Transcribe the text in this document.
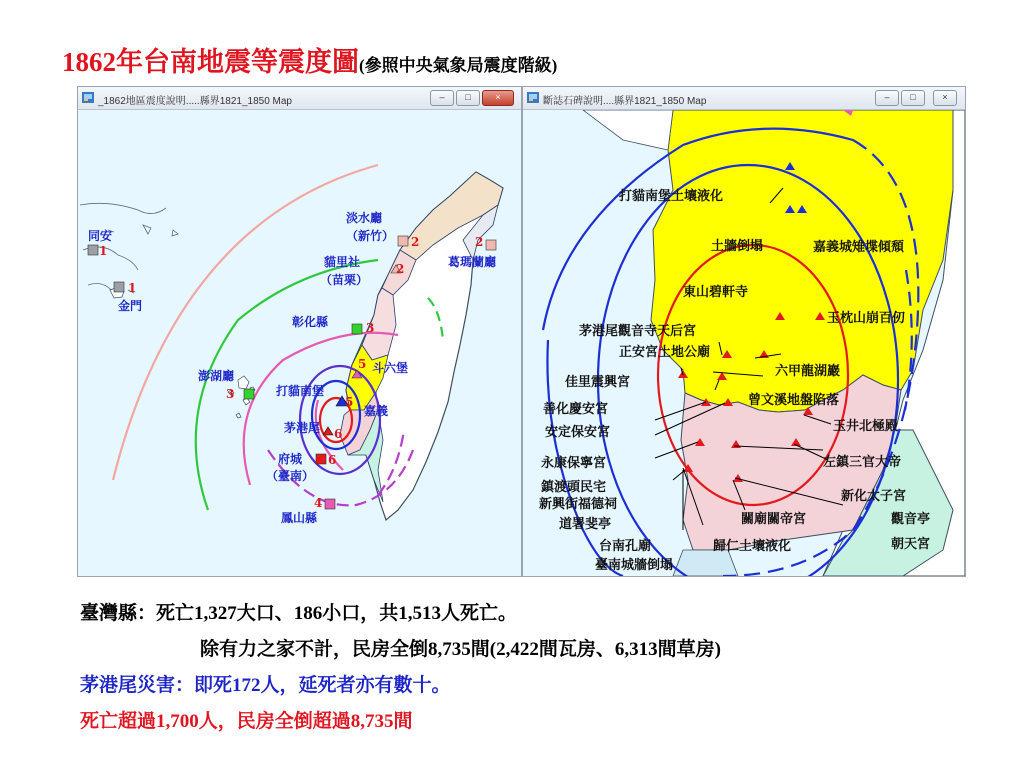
1862年台南地震等震度圖(參照中央氣象局震度階級)
_1862地區震度說明.....縣界1821_1850 Map	–	□	×
同安
金門
淡水廳
（新竹）
葛瑪蘭廳
貓里社
（苗栗）
彰化縣
澎湖廳
斗六堡
打貓南堡
嘉義
茅港尾
府城
（臺南）
鳳山縣
1
1
2	2
2
3
3
5
5
6
6
4
斷誌石碑說明....縣界1821_1850 Map	–	□	×
打貓南堡土壤液化
土牆倒塌	嘉義城雉堞傾頹
東山碧軒寺
玉枕山崩百仞
茅港尾觀音寺天后宮
正安宮土地公廟
六甲龍湖巖
佳里震興宮
曾文溪地盤陷落
善化慶安宮
安定保安宮	玉井北極殿
永康保寧宮	左鎮三官大帝
鎮渡頭民宅
新興街福德祠
新化太子宮
道署斐亭	關廟關帝宮	觀音亭
台南孔廟	歸仁土壤液化	朝天宮
臺南城牆倒塌
臺灣縣：死亡1,327大口、186小口，共1,513人死亡。
除有力之家不計，民房全倒8,735間(2,422間瓦房、6,313間草房)
茅港尾災害：即死172人，延死者亦有數十。
死亡超過1,700人，民房全倒超過8,735間
